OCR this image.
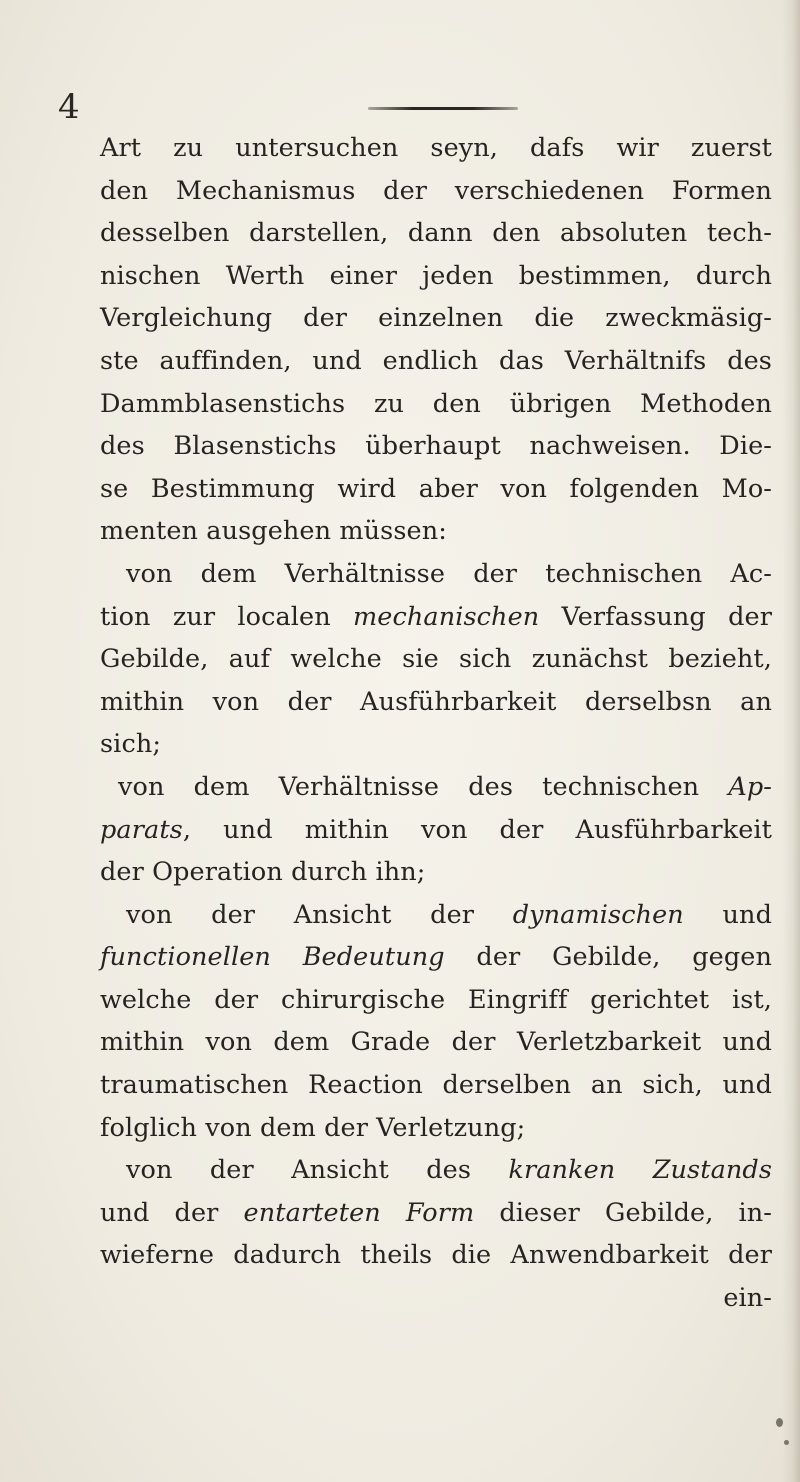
4
Art zu untersuchen seyn, dafs wir zuerst
den Mechanismus der verschiedenen Formen
desselben darstellen, dann den absoluten tech-
nischen Werth einer jeden bestimmen, durch
Vergleichung der einzelnen die zweckmäsig-
ste auffinden, und endlich das Verhältnifs des
Dammblasenstichs zu den übrigen Methoden
des Blasenstichs überhaupt nachweisen. Die-
se Bestimmung wird aber von folgenden Mo-
menten ausgehen müssen:
von dem Verhältnisse der technischen Ac-
tion zur localen mechanischen Verfassung der
Gebilde, auf welche sie sich zunächst bezieht,
mithin von der Ausführbarkeit derselbsn an
sich;
von dem Verhältnisse des technischen Ap-
parats, und mithin von der Ausführbarkeit
der Operation durch ihn;
von der Ansicht der dynamischen und
functionellen Bedeutung der Gebilde, gegen
welche der chirurgische Eingriff gerichtet ist,
mithin von dem Grade der Verletzbarkeit und
traumatischen Reaction derselben an sich, und
folglich von dem der Verletzung;
von der Ansicht des kranken Zustands
und der entarteten Form dieser Gebilde, in-
wieferne dadurch theils die Anwendbarkeit der
ein-
